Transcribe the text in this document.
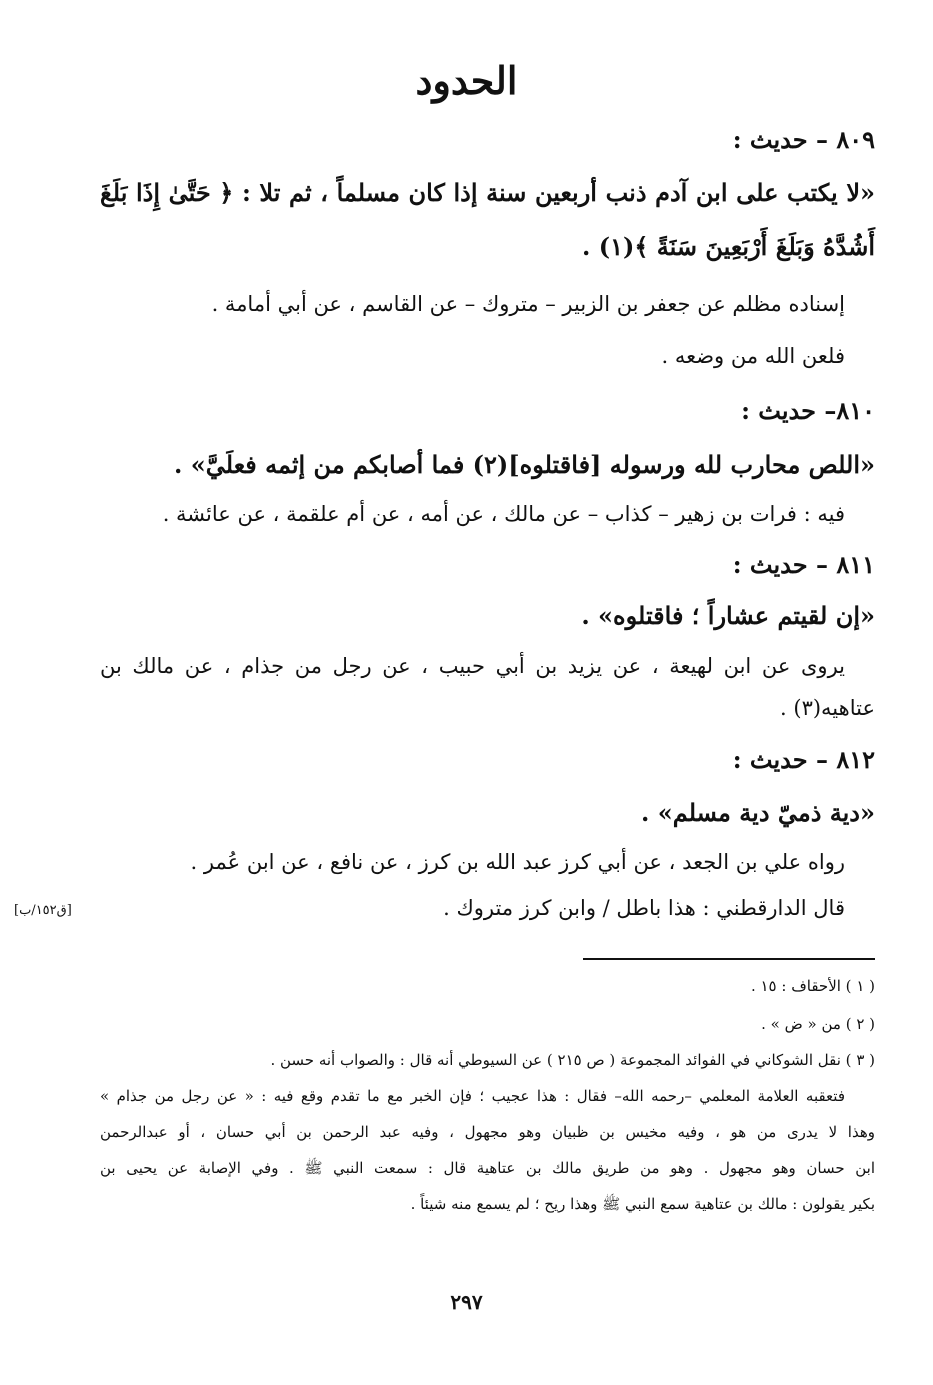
الحدود
٨٠٩ – حديث :
«لا يكتب على ابن آدم ذنب أربعين سنة إذا كان مسلماً ، ثم تلا : ﴿ حَتَّىٰ إِذَا بَلَغَ
أَشُدَّهُ وَبَلَغَ أَرْبَعِينَ سَنَةً ﴾(١) .
إسناده مظلم عن جعفر بن الزبير – متروك – عن القاسم ، عن أبي أمامة .
فلعن الله من وضعه .
٨١٠– حديث :
«اللص محارب لله ورسوله [فاقتلوه](٢) فما أصابكم من إثمه فعلَيَّ» .
فيه : فرات بن زهير – كذاب – عن مالك ، عن أمه ، عن أم علقمة ، عن عائشة .
٨١١ – حديث :
«إن لقيتم عشاراً ؛ فاقتلوه» .
يروى عن ابن لهيعة ، عن يزيد بن أبي حبيب ، عن رجل من جذام ، عن مالك بن
عتاهيه(٣) .
٨١٢ – حديث :
«دية ذميّ دية مسلم» .
رواه علي بن الجعد ، عن أبي كرز عبد الله بن كرز ، عن نافع ، عن ابن عُمر .
قال الدارقطني : هذا باطل / وابن كرز متروك .
[ق١٥٢/ب]
( ١ ) الأحقاف : ١٥ .
( ٢ ) من « ض » .
( ٣ ) نقل الشوكاني في الفوائد المجموعة ( ص ٢١٥ ) عن السيوطي أنه قال : والصواب أنه حسن .
فتعقبه العلامة المعلمي –رحمه الله– فقال : هذا عجيب ؛ فإن الخبر مع ما تقدم وقع فيه : « عن رجل من جذام »
وهذا لا يدرى من هو ، وفيه مخيس بن ظبيان وهو مجهول ، وفيه عبد الرحمن بن أبي حسان ، أو عبدالرحمن
ابن حسان وهو مجهول . وهو من طريق مالك بن عتاهية قال : سمعت النبي ﷺ . وفي الإصابة عن يحيى بن
بكير يقولون : مالك بن عتاهية سمع النبي ﷺ وهذا ريح ؛ لم يسمع منه شيئاً .
٢٩٧
